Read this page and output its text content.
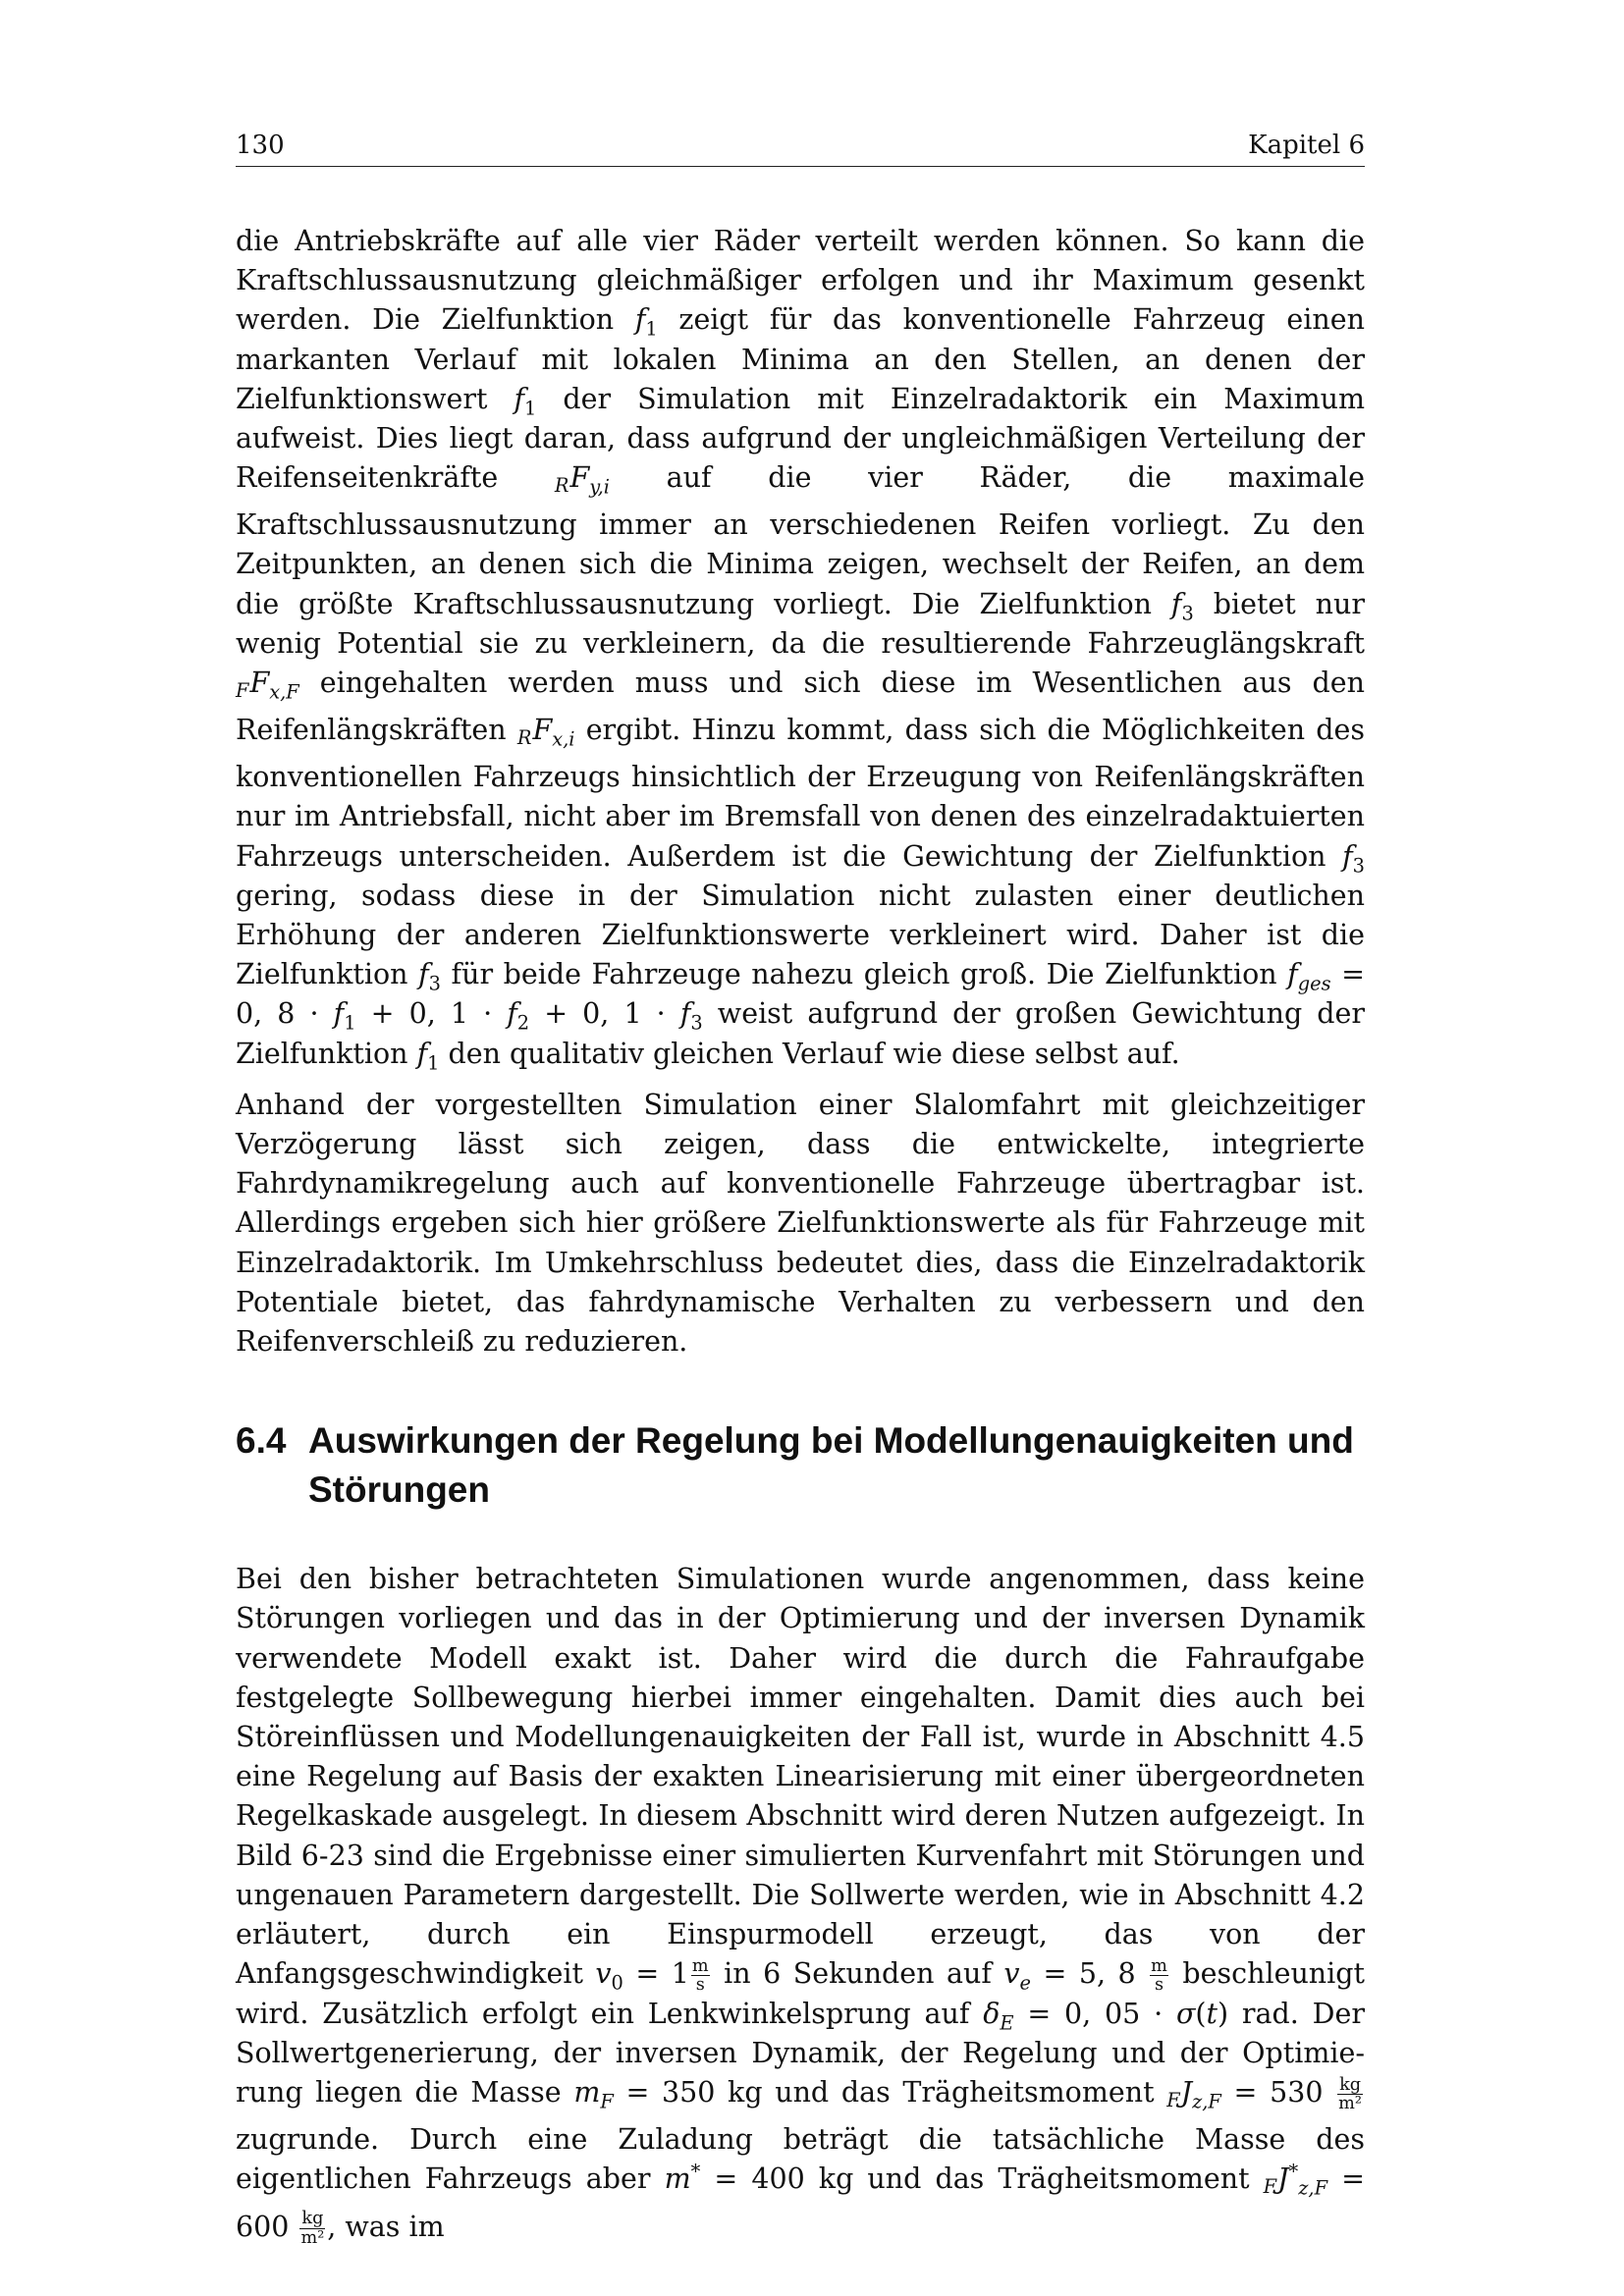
130	Kapitel 6

die Antriebskräfte auf alle vier Räder verteilt werden können. So kann die Kraftschlussausnutzung gleichmäßiger erfolgen und ihr Maximum gesenkt werden. Die Zielfunktion $f_1$ zeigt für das konventionelle Fahrzeug einen markanten Verlauf mit lokalen Minima an den Stellen, an denen der Zielfunktionswert $f_1$ der Simulation mit Einzelradaktorik ein Maximum aufweist. Dies liegt daran, dass aufgrund der ungleichmäßigen Verteilung der Reifenseitenkräfte $RF_{y,i}$ auf die vier Räder, die maximale Kraftschlussausnutzung immer an verschiedenen Reifen vorliegt. Zu den Zeitpunkten, an denen sich die Minima zeigen, wechselt der Reifen, an dem die größte Kraftschlussausnutzung vorliegt. Die Zielfunktion $f_3$ bietet nur wenig Potential sie zu verkleinern, da die resultierende Fahrzeuglängskraft $FF_{x,F}$ eingehalten werden muss und sich diese im Wesentlichen aus den Reifenlängskräften $RF_{x,i}$ ergibt. Hinzu kommt, dass sich die Möglichkeiten des konventionellen Fahrzeugs hinsichtlich der Erzeugung von Reifenlängskräften nur im Antriebsfall, nicht aber im Bremsfall von denen des einzelradaktuierten Fahrzeugs unterscheiden. Außerdem ist die Gewichtung der Zielfunktion $f_3$ gering, sodass diese in der Simulation nicht zulasten einer deutlichen Erhöhung der anderen Zielfunktionswerte verkleinert wird. Daher ist die Zielfunktion $f_3$ für beide Fahrzeuge nahezu gleich groß. Die Zielfunktion $f_{ges} = 0$, $8 \cdot f_1 + 0$, $1 \cdot f_2 + 0$, $1 \cdot f_3$ weist aufgrund der großen Gewichtung der Zielfunktion $f_1$ den qualitativ gleichen Verlauf wie diese selbst auf.

Anhand der vorgestellten Simulation einer Slalomfahrt mit gleichzeitiger Verzögerung lässt sich zeigen, dass die entwickelte, integrierte Fahrdynamikregelung auch auf konventionelle Fahrzeuge übertragbar ist. Allerdings ergeben sich hier größere Zielfunktionswerte als für Fahrzeuge mit Einzelradaktorik. Im Umkehrschluss bedeutet dies, dass die Einzelradaktorik Potentiale bietet, das fahrdynamische Verhalten zu verbessern und den Reifenverschleiß zu reduzieren.

6.4 Auswirkungen der Regelung bei Modellungenauigkeiten und Störungen

Bei den bisher betrachteten Simulationen wurde angenommen, dass keine Störungen vorliegen und das in der Optimierung und der inversen Dynamik verwendete Modell exakt ist. Daher wird die durch die Fahraufgabe festgelegte Sollbewegung hierbei immer eingehalten. Damit dies auch bei Störeinflüssen und Modellungenauigkeiten der Fall ist, wurde in Abschnitt 4.5 eine Regelung auf Basis der exakten Linearisierung mit einer übergeordneten Regelkaskade ausgelegt. In diesem Abschnitt wird deren Nutzen aufgezeigt. In Bild 6-23 sind die Ergebnisse einer simulierten Kurvenfahrt mit Störungen und ungenauen Parametern dargestellt. Die Sollwerte werden, wie in Abschnitt 4.2 erläutert, durch ein Einspurmodell erzeugt, das von der Anfangsgeschwindigkeit $v_0 = 1 \frac{m}{s}$ in 6 Sekunden auf $v_e = 5$, $8 \frac{m}{s}$ beschleunigt wird. Zusätzlich erfolgt ein Lenkwinkelsprung auf $\delta_E = 0$, 05 · σ(t) rad. Der Sollwertgenerierung, der inversen Dynamik, der Regelung und der Optimierung liegen die Masse $m_F = 350$ kg und das Trägheitsmoment $FJ_{z,F} = 530 \frac{kg}{\text{m²}}$
zugrunde. Durch eine Zuladung beträgt die tatsächliche Masse des eigentlichen Fahrzeugs aber m* = 400 kg und das Trägheitsmoment $FJ^*_{z,F} = 600 \frac{kg}{\text{m²}}$ , was im
